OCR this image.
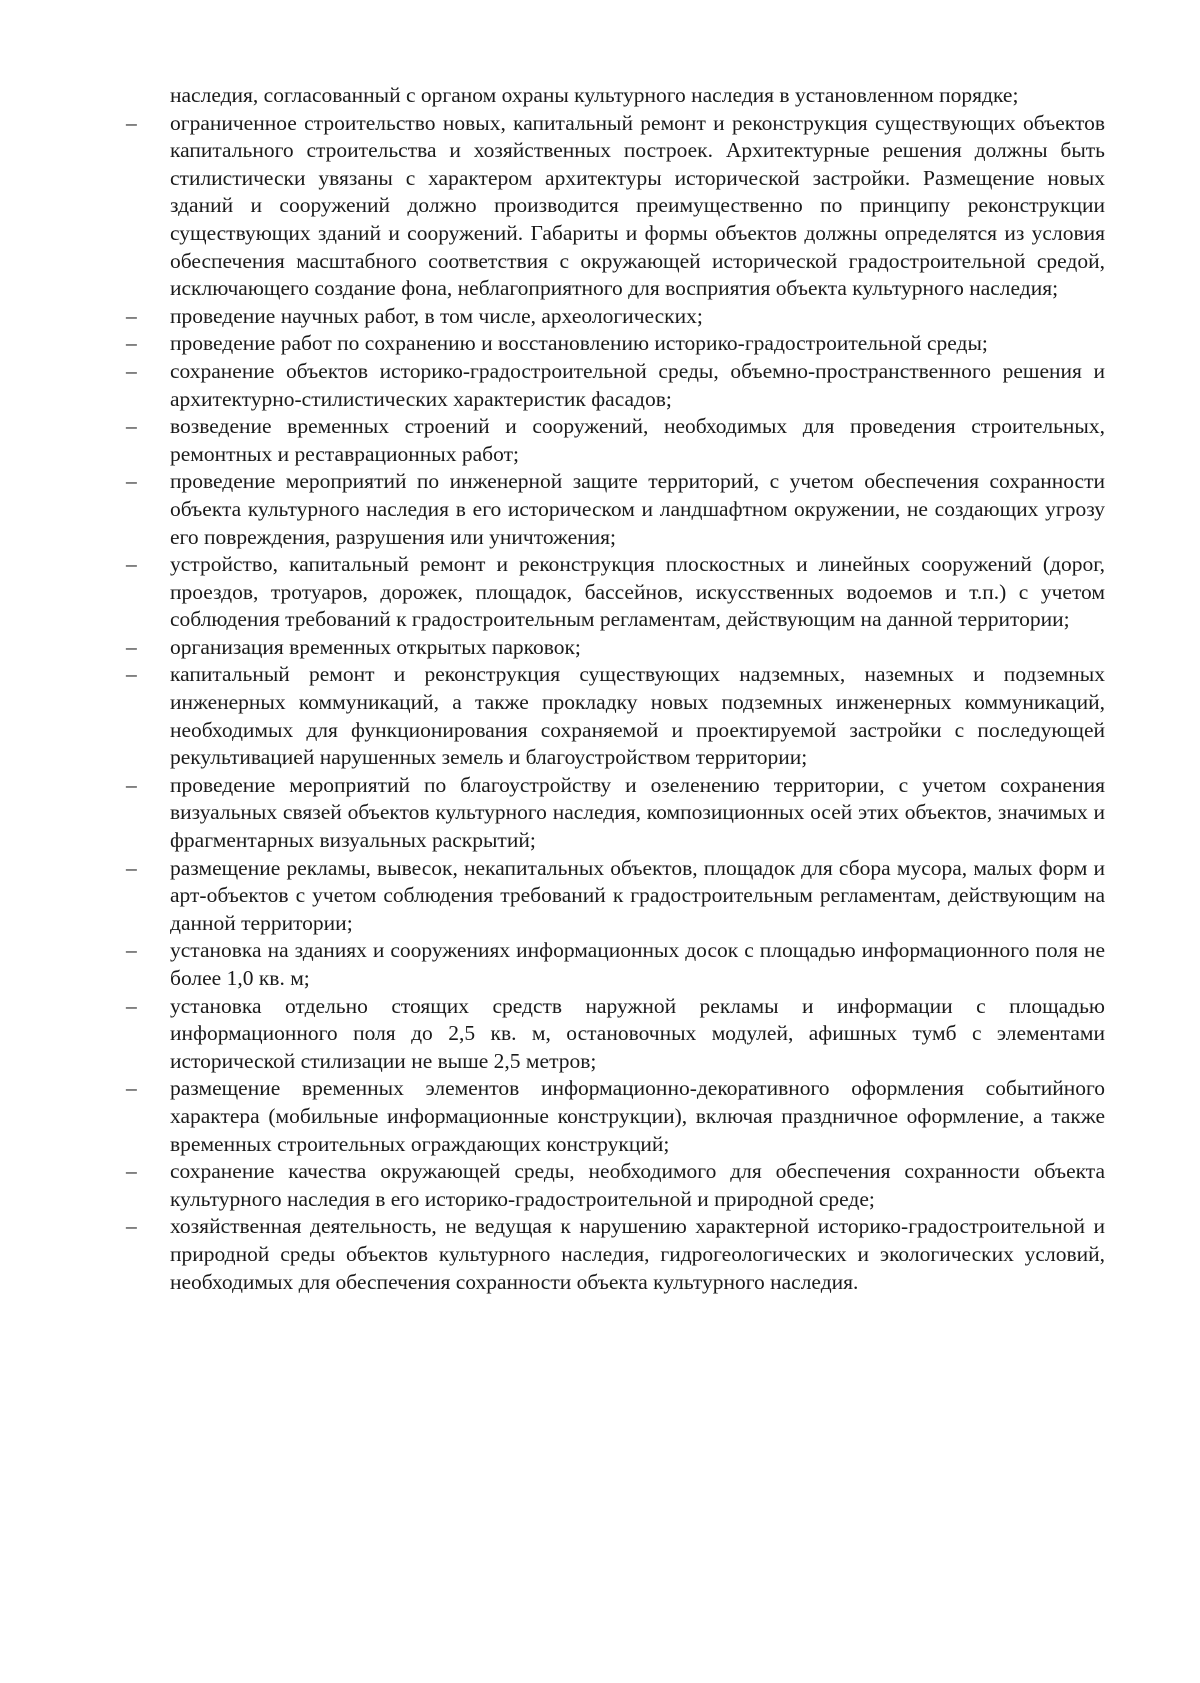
наследия, согласованный с органом охраны культурного наследия в установленном порядке;

–	ограниченное строительство новых, капитальный ремонт и реконструкция существующих объектов капитального строительства и хозяйственных построек. Архитектурные решения должны быть стилистически увязаны с характером архитектуры исторической застройки. Размещение новых зданий и сооружений должно производится преимущественно по принципу реконструкции существующих зданий и сооружений. Габариты и формы объектов должны определятся из условия обеспечения масштабного соответствия с окружающей исторической градостроительной средой, исключающего создание фона, неблагоприятного для восприятия объекта культурного наследия;
–	проведение научных работ, в том числе, археологических;
–	проведение работ по сохранению и восстановлению историко-градостроительной среды;
–	сохранение объектов историко-градостроительной среды, объемно-пространственного решения и архитектурно-стилистических характеристик фасадов;
–	возведение временных строений и сооружений, необходимых для проведения строительных, ремонтных и реставрационных работ;
–	проведение мероприятий по инженерной защите территорий, с учетом обеспечения сохранности объекта культурного наследия в его историческом и ландшафтном окружении, не создающих угрозу его повреждения, разрушения или уничтожения;
–	устройство, капитальный ремонт и реконструкция плоскостных и линейных сооружений (дорог, проездов, тротуаров, дорожек, площадок, бассейнов, искусственных водоемов и т.п.) с учетом соблюдения требований к градостроительным регламентам, действующим на данной территории;
–	организация временных открытых парковок;
–	капитальный ремонт и реконструкция существующих надземных, наземных и подземных инженерных коммуникаций, а также прокладку новых подземных инженерных коммуникаций, необходимых для функционирования сохраняемой и проектируемой застройки с последующей рекультивацией нарушенных земель и благоустройством территории;
–	проведение мероприятий по благоустройству и озеленению территории, с учетом сохранения визуальных связей объектов культурного наследия, композиционных осей этих объектов, значимых и фрагментарных визуальных раскрытий;
–	размещение рекламы, вывесок, некапитальных объектов, площадок для сбора мусора, малых форм и арт-объектов с учетом соблюдения требований к градостроительным регламентам, действующим на данной территории;
–	установка на зданиях и сооружениях информационных досок с площадью информационного поля не более 1,0 кв. м;
–	установка отдельно стоящих средств наружной рекламы и информации с площадью информационного поля до 2,5 кв. м, остановочных модулей, афишных тумб с элементами исторической стилизации не выше 2,5 метров;
–	размещение временных элементов информационно-декоративного оформления событийного характера (мобильные информационные конструкции), включая праздничное оформление, а также временных строительных ограждающих конструкций;
–	сохранение качества окружающей среды, необходимого для обеспечения сохранности объекта культурного наследия в его историко-градостроительной и природной среде;
–	хозяйственная деятельность, не ведущая к нарушению характерной историко-градостроительной и природной среды объектов культурного наследия, гидрогеологических и экологических условий, необходимых для обеспечения сохранности объекта культурного наследия.
